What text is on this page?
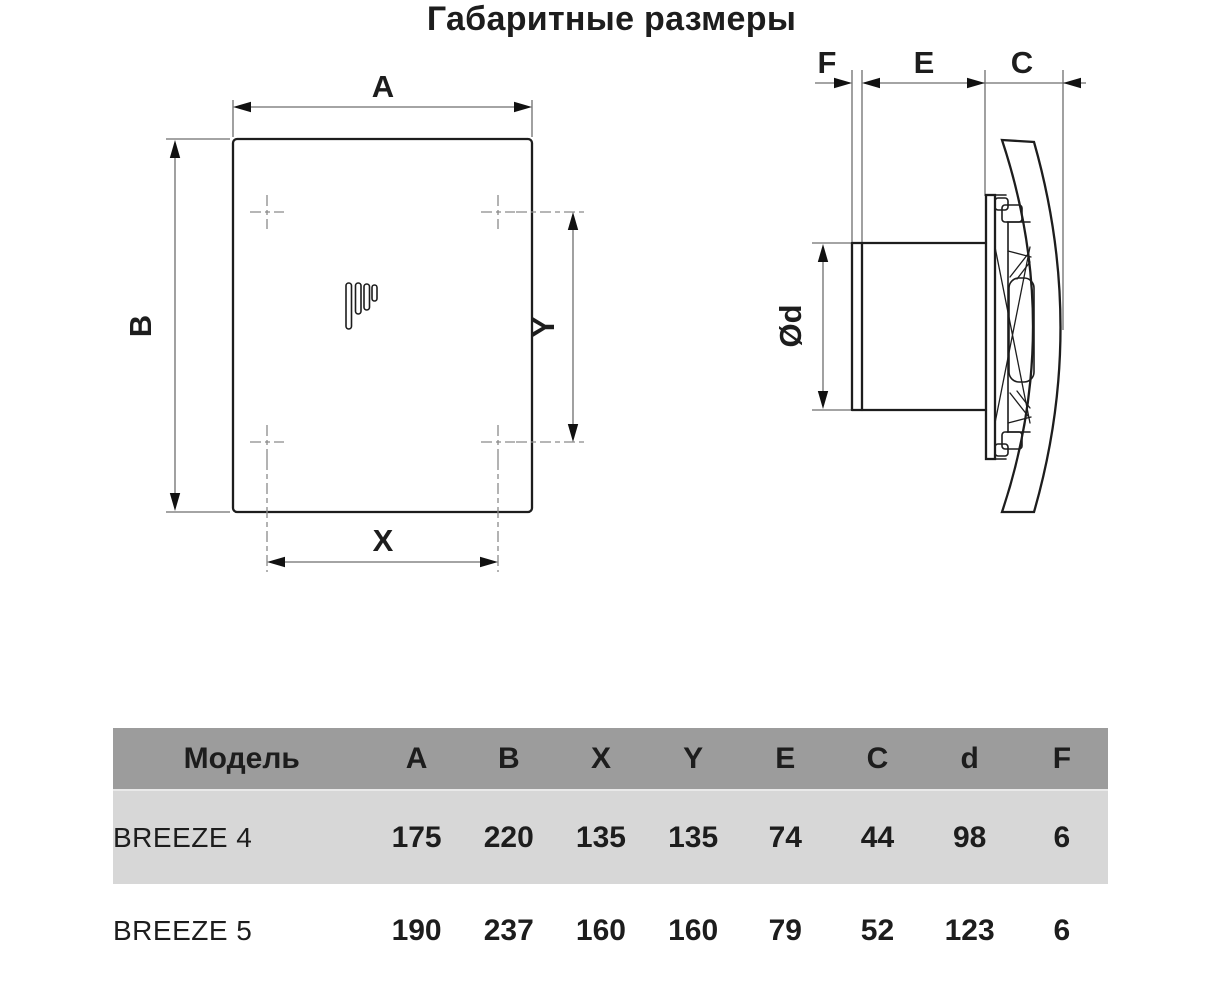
A
B	Y
X
F E C
Ød
Габаритные размеры
Модель	A	B	X	Y	E	C	d	F
BREEZE 4	175	220	135	135	74	44	98	6
BREEZE 5	190	237	160	160	79	52	123	6
